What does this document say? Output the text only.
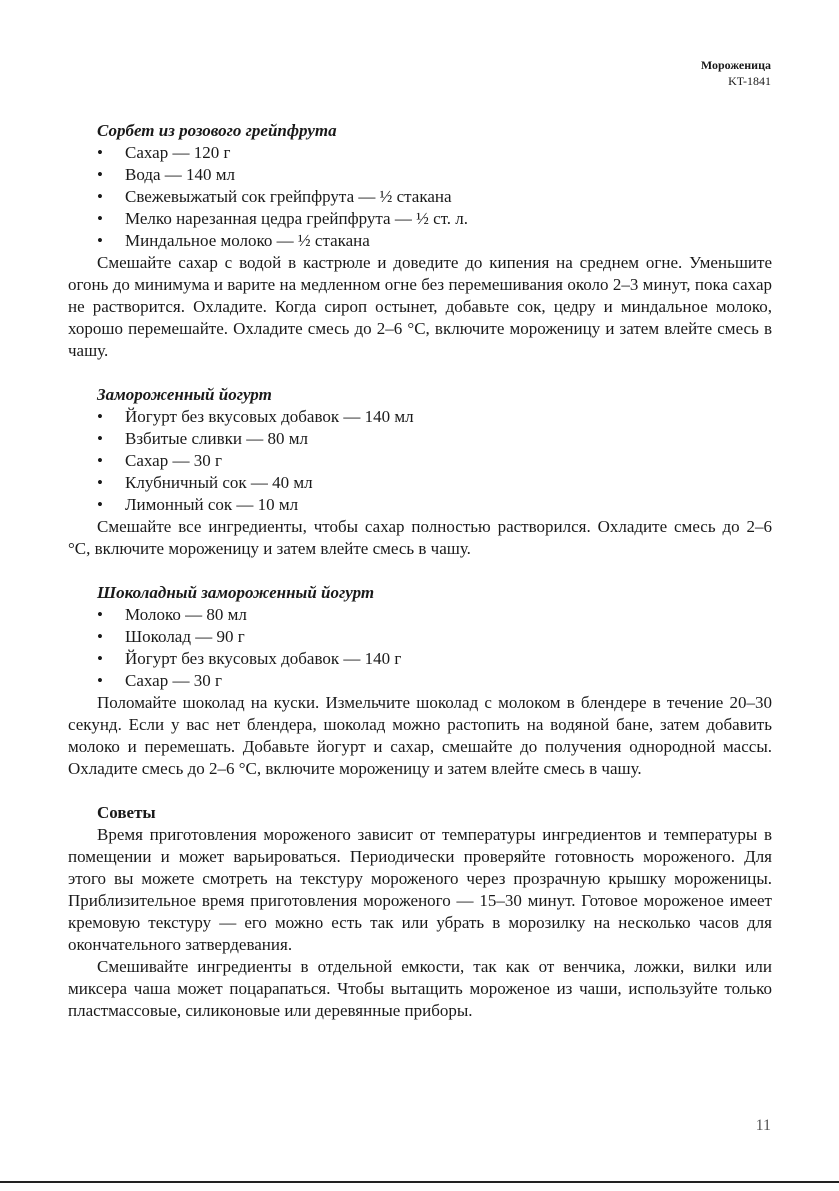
Мороженица
KT-1841
Сорбет из розового грейпфрута
• Сахар — 120 г
• Вода — 140 мл
• Свежевыжатый сок грейпфрута — ½ стакана
• Мелко нарезанная цедра грейпфрута — ½ ст. л.
• Миндальное молоко — ½ стакана

Смешайте сахар с водой в кастрюле и доведите до кипения на среднем огне. Уменьшите огонь до минимума и варите на медленном огне без перемешивания около 2–3 минут, пока сахар не растворится. Охладите. Когда сироп остынет, добавьте сок, цедру и миндальное молоко, хорошо перемешайте. Охладите смесь до 2–6 °С, включите мороженицу и затем влейте смесь в чашу.

Замороженный йогурт
• Йогурт без вкусовых добавок — 140 мл
• Взбитые сливки — 80 мл
• Сахар — 30 г
• Клубничный сок — 40 мл
• Лимонный сок — 10 мл

Смешайте все ингредиенты, чтобы сахар полностью растворился. Охладите смесь до 2–6 °С, включите мороженицу и затем влейте смесь в чашу.

Шоколадный замороженный йогурт
• Молоко — 80 мл
• Шоколад — 90 г
• Йогурт без вкусовых добавок — 140 г
• Сахар — 30 г

Поломайте шоколад на куски. Измельчите шоколад с молоком в блендере в течение 20–30 секунд. Если у вас нет блендера, шоколад можно растопить на водяной бане, затем добавить молоко и перемешать. Добавьте йогурт и сахар, смешайте до получения однородной массы. Охладите смесь до 2–6 °С, включите мороженицу и затем влейте смесь в чашу.

Советы

Время приготовления мороженого зависит от температуры ингредиентов и температуры в помещении и может варьироваться. Периодически проверяйте готовность мороженого. Для этого вы можете смотреть на текстуру мороженого через прозрачную крышку мороженицы. Приблизительное время приготовления мороженого — 15–30 минут. Готовое мороженое имеет кремовую текстуру — его можно есть так или убрать в морозилку на несколько часов для окончательного затвердевания.

Смешивайте ингредиенты в отдельной емкости, так как от венчика, ложки, вилки или миксера чаша может поцарапаться. Чтобы вытащить мороженое из чаши, используйте только пластмассовые, силиконовые или деревянные приборы.

11
